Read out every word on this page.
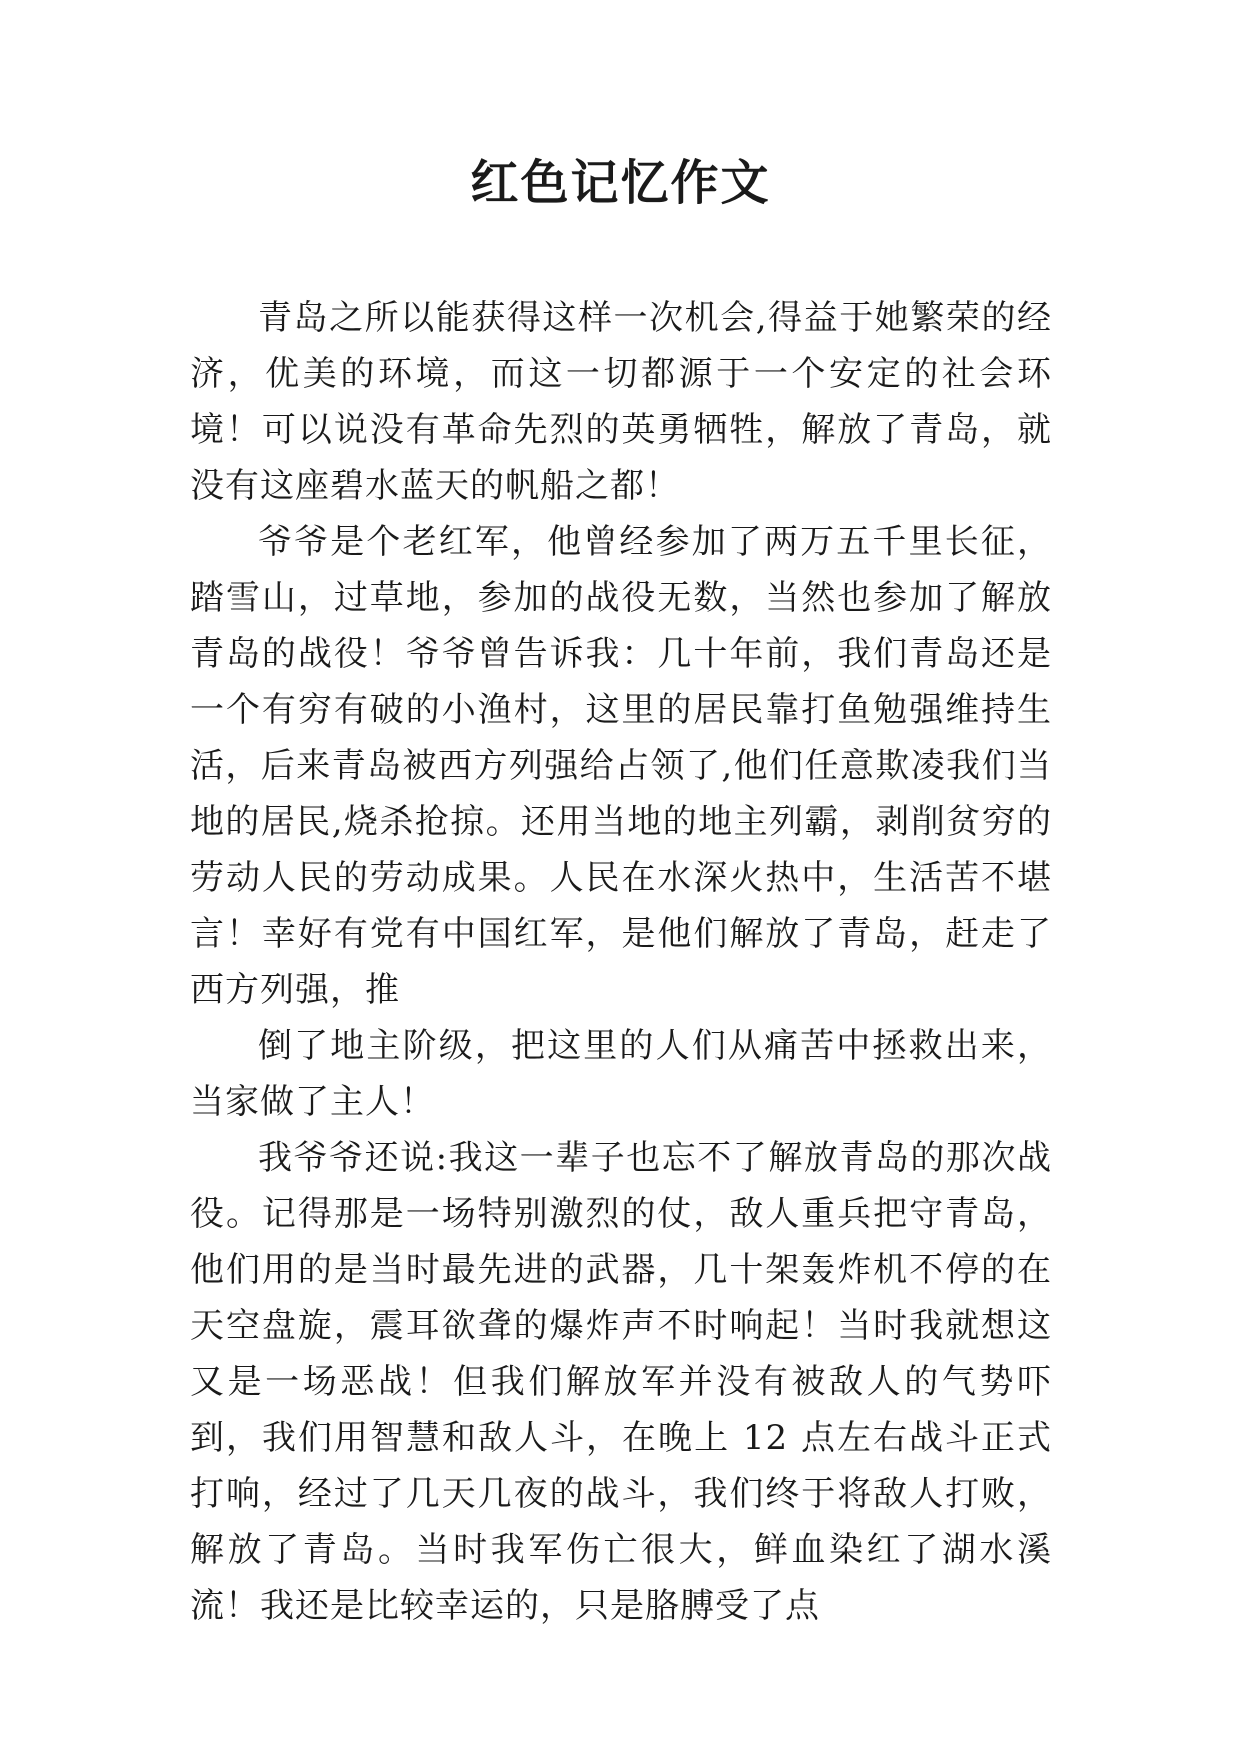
红色记忆作文

青岛之所以能获得这样一次机会,得益于她繁荣的经济，优美的环境，而这一切都源于一个安定的社会环境！可以说没有革命先烈的英勇牺牲，解放了青岛，就没有这座碧水蓝天的帆船之都！

爷爷是个老红军，他曾经参加了两万五千里长征，踏雪山，过草地，参加的战役无数，当然也参加了解放青岛的战役！爷爷曾告诉我：几十年前，我们青岛还是一个有穷有破的小渔村，这里的居民靠打鱼勉强维持生活，后来青岛被西方列强给占领了,他们任意欺凌我们当地的居民,烧杀抢掠。还用当地的地主列霸，剥削贫穷的劳动人民的劳动成果。人民在水深火热中，生活苦不堪言！幸好有党有中国红军，是他们解放了青岛，赶走了西方列强，推

倒了地主阶级，把这里的人们从痛苦中拯救出来，当家做了主人！

我爷爷还说:我这一辈子也忘不了解放青岛的那次战役。记得那是一场特别激烈的仗，敌人重兵把守青岛，他们用的是当时最先进的武器，几十架轰炸机不停的在天空盘旋，震耳欲聋的爆炸声不时响起！当时我就想这又是一场恶战！但我们解放军并没有被敌人的气势吓到，我们用智慧和敌人斗，在晚上 12 点左右战斗正式打响，经过了几天几夜的战斗，我们终于将敌人打败，解放了青岛。当时我军伤亡很大，鲜血染红了湖水溪流！我还是比较幸运的，只是胳膊受了点
